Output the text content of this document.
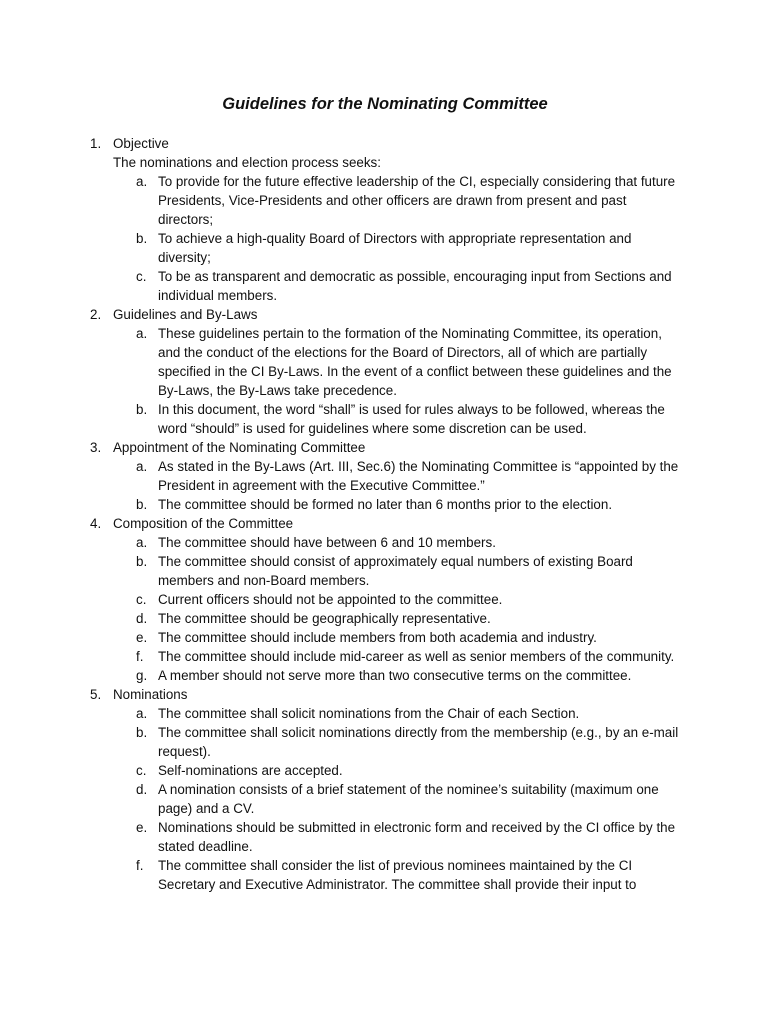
Guidelines for the Nominating Committee
1. Objective
The nominations and election process seeks:
a. To provide for the future effective leadership of the CI, especially considering that future Presidents, Vice-Presidents and other officers are drawn from present and past directors;
b. To achieve a high-quality Board of Directors with appropriate representation and diversity;
c. To be as transparent and democratic as possible, encouraging input from Sections and individual members.
2. Guidelines and By-Laws
a. These guidelines pertain to the formation of the Nominating Committee, its operation, and the conduct of the elections for the Board of Directors, all of which are partially specified in the CI By-Laws. In the event of a conflict between these guidelines and the By-Laws, the By-Laws take precedence.
b. In this document, the word “shall” is used for rules always to be followed, whereas the word “should” is used for guidelines where some discretion can be used.
3. Appointment of the Nominating Committee
a. As stated in the By-Laws (Art. III, Sec.6) the Nominating Committee is “appointed by the President in agreement with the Executive Committee.”
b. The committee should be formed no later than 6 months prior to the election.
4. Composition of the Committee
a. The committee should have between 6 and 10 members.
b. The committee should consist of approximately equal numbers of existing Board members and non-Board members.
c. Current officers should not be appointed to the committee.
d. The committee should be geographically representative.
e. The committee should include members from both academia and industry.
f.	The committee should include mid-career as well as senior members of the community.
g. A member should not serve more than two consecutive terms on the committee.
5. Nominations
a. The committee shall solicit nominations from the Chair of each Section.
b. The committee shall solicit nominations directly from the membership (e.g., by an e-mail request).
c. Self-nominations are accepted.
d. A nomination consists of a brief statement of the nominee’s suitability (maximum one page) and a CV.
e. Nominations should be submitted in electronic form and received by the CI office by the stated deadline.
f.	The committee shall consider the list of previous nominees maintained by the CI Secretary and Executive Administrator. The committee shall provide their input to
